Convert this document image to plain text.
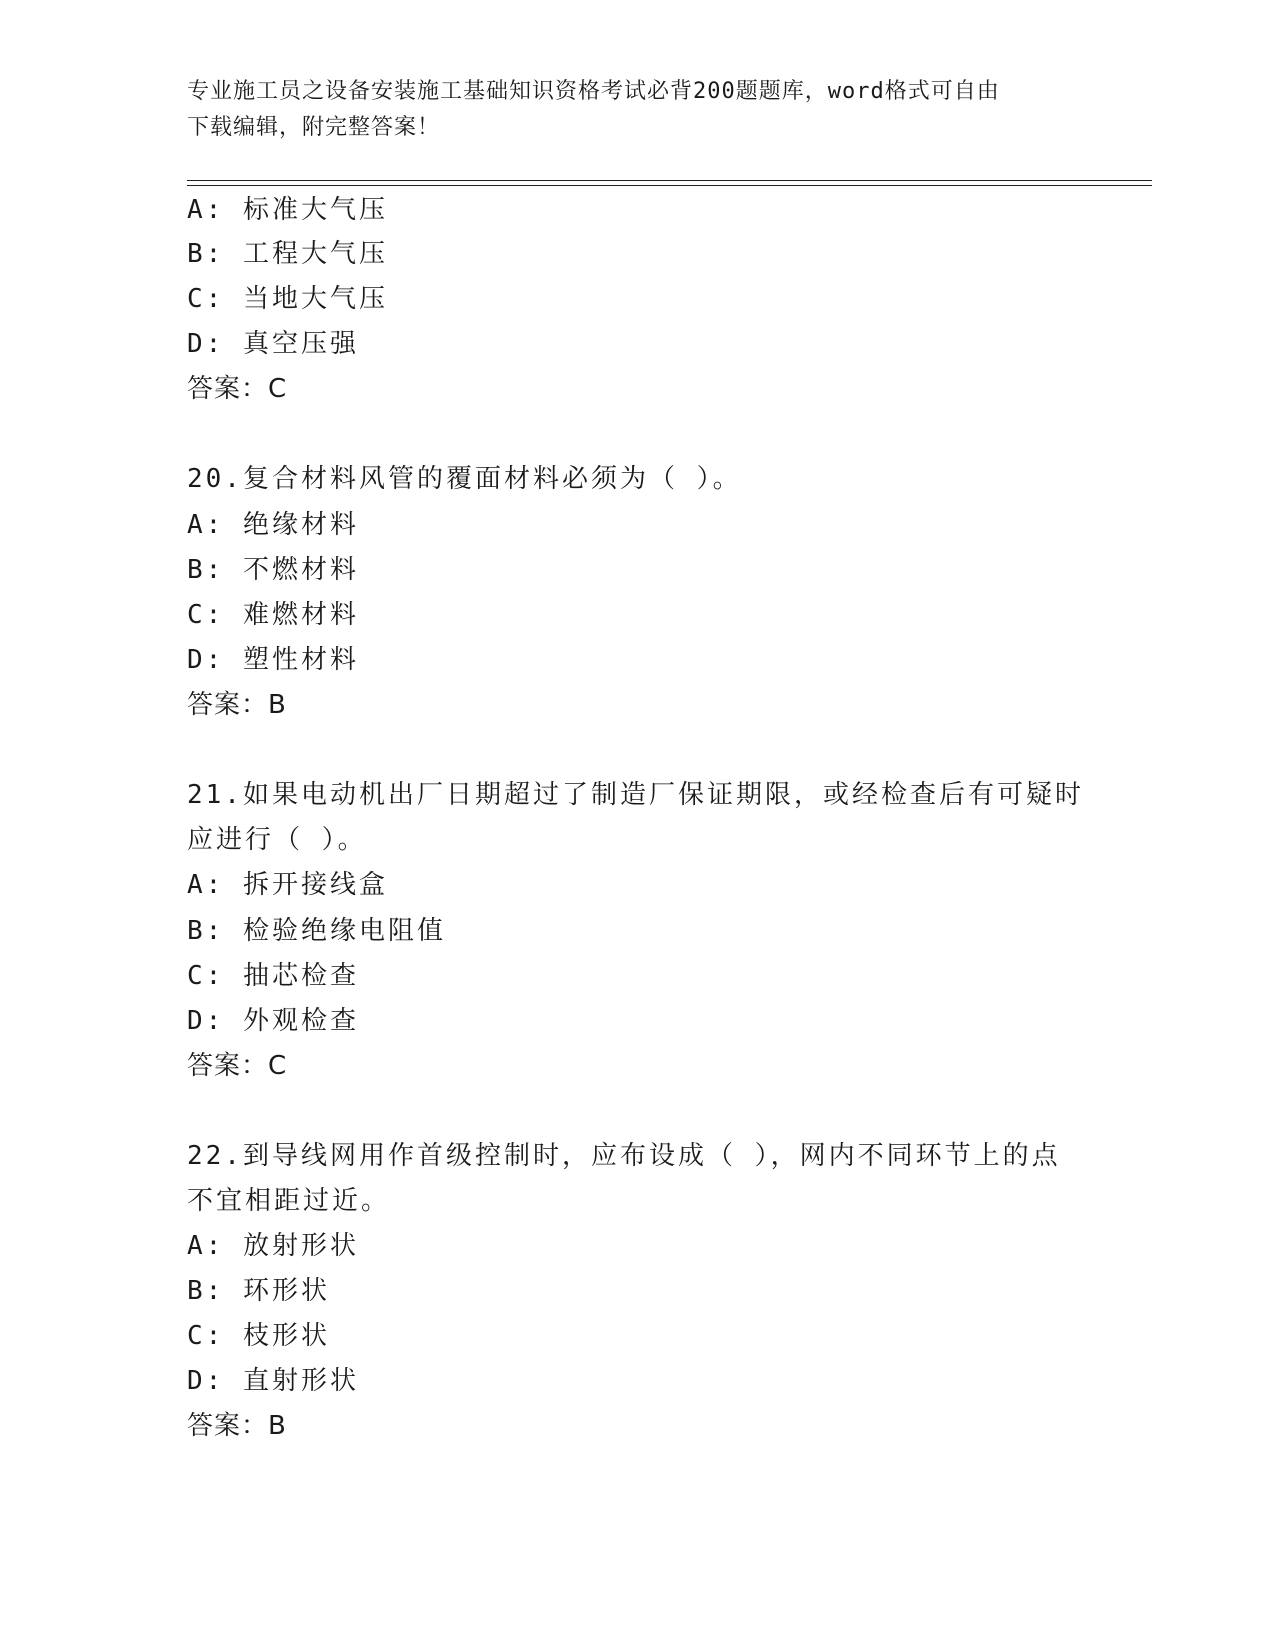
专业施工员之设备安装施工基础知识资格考试必背200题题库，word格式可自由
下载编辑，附完整答案！
A: 标准大气压
B: 工程大气压
C: 当地大气压
D: 真空压强
答案：C
20.复合材料风管的覆面材料必须为（ ）。
A: 绝缘材料
B: 不燃材料
C: 难燃材料
D: 塑性材料
答案：B
21.如果电动机出厂日期超过了制造厂保证期限，或经检查后有可疑时
应进行（ ）。
A: 拆开接线盒
B: 检验绝缘电阻值
C: 抽芯检查
D: 外观检查
答案：C
22.到导线网用作首级控制时，应布设成（ ），网内不同环节上的点
不宜相距过近。
A: 放射形状
B: 环形状
C: 枝形状
D: 直射形状
答案：B
